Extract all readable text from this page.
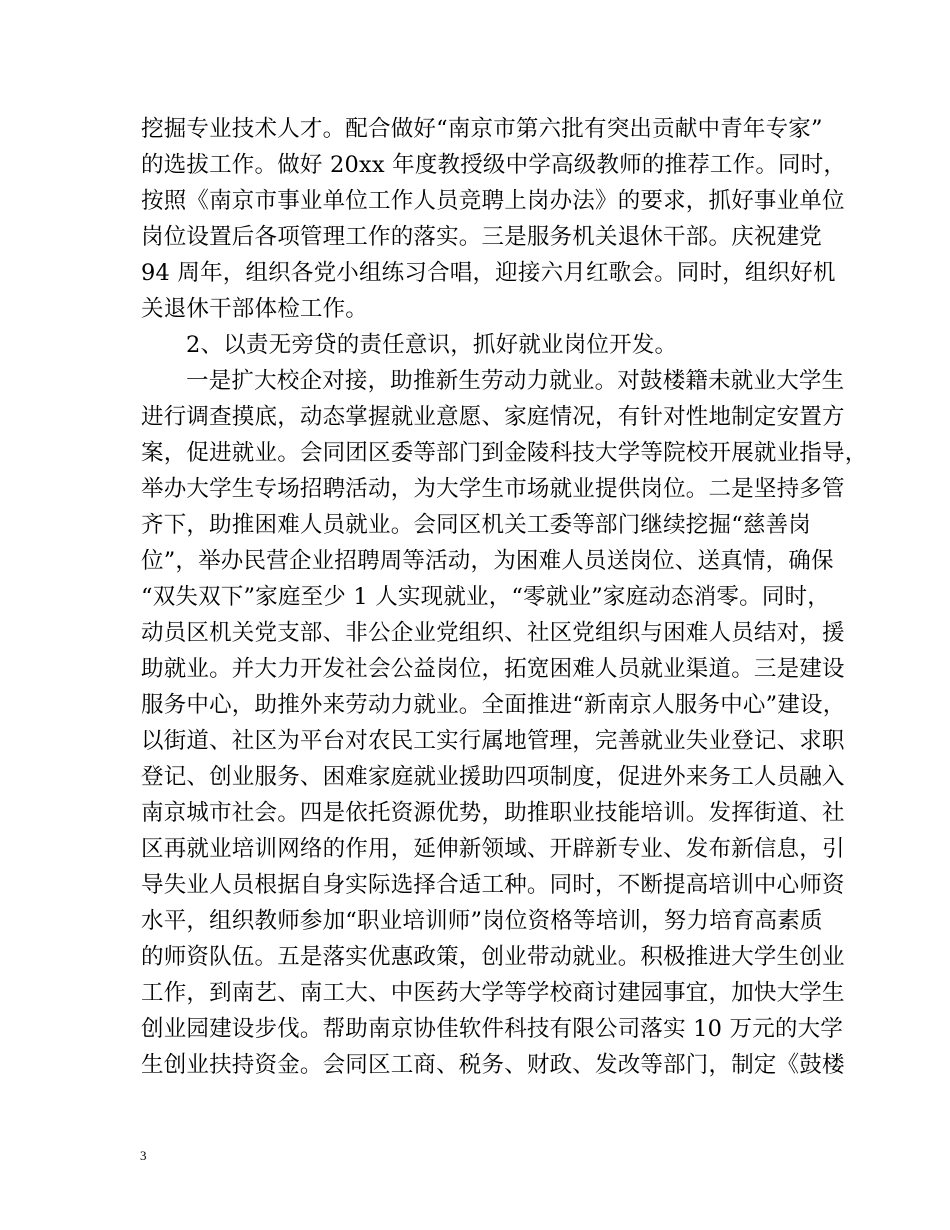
挖掘专业技术人才。配合做好“南京市第六批有突出贡献中青年专家”
的选拔工作。做好 20xx 年度教授级中学高级教师的推荐工作。同时，
按照《南京市事业单位工作人员竞聘上岗办法》的要求，抓好事业单位
岗位设置后各项管理工作的落实。三是服务机关退休干部。庆祝建党
94 周年，组织各党小组练习合唱，迎接六月红歌会。同时，组织好机
关退休干部体检工作。
2、以责无旁贷的责任意识，抓好就业岗位开发。
一是扩大校企对接，助推新生劳动力就业。对鼓楼籍未就业大学生
进行调查摸底，动态掌握就业意愿、家庭情况，有针对性地制定安置方
案，促进就业。会同团区委等部门到金陵科技大学等院校开展就业指导，
举办大学生专场招聘活动，为大学生市场就业提供岗位。二是坚持多管
齐下，助推困难人员就业。会同区机关工委等部门继续挖掘“慈善岗
位”，举办民营企业招聘周等活动，为困难人员送岗位、送真情，确保
“双失双下”家庭至少 1 人实现就业，“零就业”家庭动态消零。同时，
动员区机关党支部、非公企业党组织、社区党组织与困难人员结对，援
助就业。并大力开发社会公益岗位，拓宽困难人员就业渠道。三是建设
服务中心，助推外来劳动力就业。全面推进“新南京人服务中心”建设，
以街道、社区为平台对农民工实行属地管理，完善就业失业登记、求职
登记、创业服务、困难家庭就业援助四项制度，促进外来务工人员融入
南京城市社会。四是依托资源优势，助推职业技能培训。发挥街道、社
区再就业培训网络的作用，延伸新领域、开辟新专业、发布新信息，引
导失业人员根据自身实际选择合适工种。同时，不断提高培训中心师资
水平，组织教师参加“职业培训师”岗位资格等培训，努力培育高素质
的师资队伍。五是落实优惠政策，创业带动就业。积极推进大学生创业
工作，到南艺、南工大、中医药大学等学校商讨建园事宜，加快大学生
创业园建设步伐。帮助南京协佳软件科技有限公司落实 10 万元的大学
生创业扶持资金。会同区工商、税务、财政、发改等部门，制定《鼓楼
3
